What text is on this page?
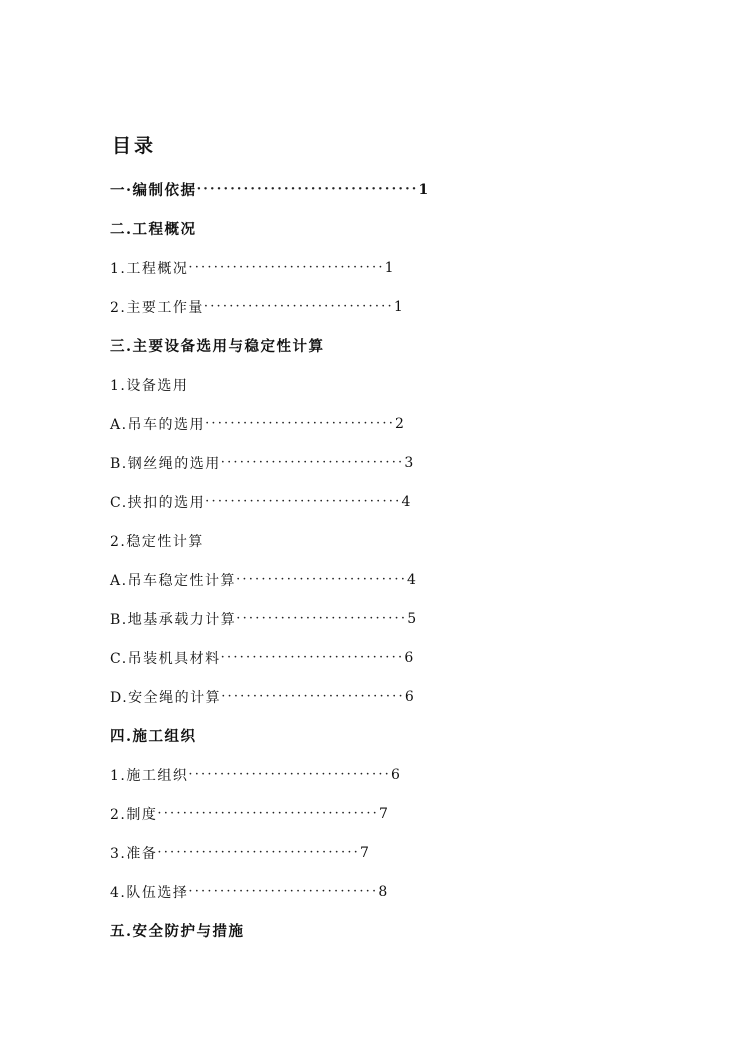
目录
一·编制依据 ································· 1
二.工程概况
1.工程概况 ······························· 1
2.主要工作量 ······························ 1
三.主要设备选用与稳定性计算
1.设备选用
A.吊车的选用 ······························ 2
B.钢丝绳的选用 ····························· 3
C.挟扣的选用 ······························· 4
2.稳定性计算
A.吊车稳定性计算 ··························· 4
B.地基承载力计算 ··························· 5
C.吊装机具材料 ····························· 6
D.安全绳的计算 ····························· 6
四.施工组织
1.施工组织 ································ 6
2.制度 ··································· 7
3.准备 ································ 7
4.队伍选择 ······························ 8
五.安全防护与措施
